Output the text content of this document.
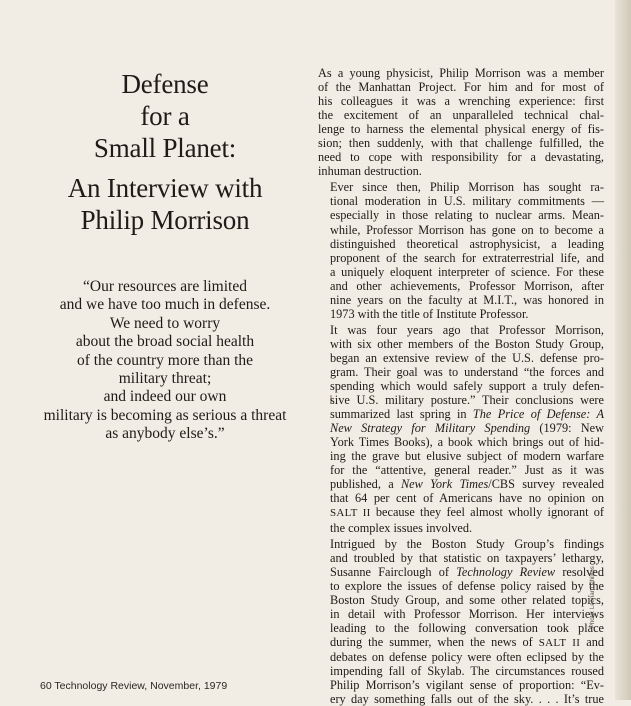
Defense
for a
Small Planet:
An Interview with
Philip Morrison
“Our resources are limited
and we have too much in defense.
We need to worry
about the broad social health
of the country more than the
military threat;
and indeed our own
military is becoming as serious a threat
as anybody else’s.”

As a young physicist, Philip Morrison was a member
of the Manhattan Project. For him and for most of
his colleagues it was a wrenching experience: first
the excitement of an unparalleled technical chal-
lenge to harness the elemental physical energy of fis-
sion; then suddenly, with that challenge fulfilled, the
need to cope with responsibility for a devastating,
inhuman destruction.

Ever since then, Philip Morrison has sought ra-
tional moderation in U.S. military commitments —
especially in those relating to nuclear arms. Mean-
while, Professor Morrison has gone on to become a
distinguished theoretical astrophysicist, a leading
proponent of the search for extraterrestrial life, and
a uniquely eloquent interpreter of science. For these
and other achievements, Professor Morrison, after
nine years on the faculty at M.I.T., was honored in
1973 with the title of Institute Professor.

It was four years ago that Professor Morrison,
with six other members of the Boston Study Group,
began an extensive review of the U.S. defense pro-
gram. Their goal was to understand “the forces and
spending which would safely support a truly defen-
sive U.S. military posture.” Their conclusions were
summarized last spring in The Price of Defense: A
New Strategy for Military Spending (1979: New
York Times Books), a book which brings out of hid-
ing the grave but elusive subject of modern warfare
for the “attentive, general reader.” Just as it was
published, a New York Times/CBS survey revealed
that 64 per cent of Americans have no opinion on
SALT II because they feel almost wholly ignorant of
the complex issues involved.

Intrigued by the Boston Study Group’s findings
and troubled by that statistic on taxpayers’ lethargy,
Susanne Fairclough of Technology Review resolved
to explore the issues of defense policy raised by the
Boston Study Group, and some other related topics,
in detail with Professor Morrison. Her interviews
leading to the following conversation took place
during the summer, when the news of SALT II and
debates on defense policy were often eclipsed by the
impending fall of Skylab. The circumstances roused
Philip Morrison’s vigilant sense of proportion: “Ev-
ery day something falls out of the sky. . . . It’s true

Photo: Leonard Phillips
60 Technology Review, November, 1979
